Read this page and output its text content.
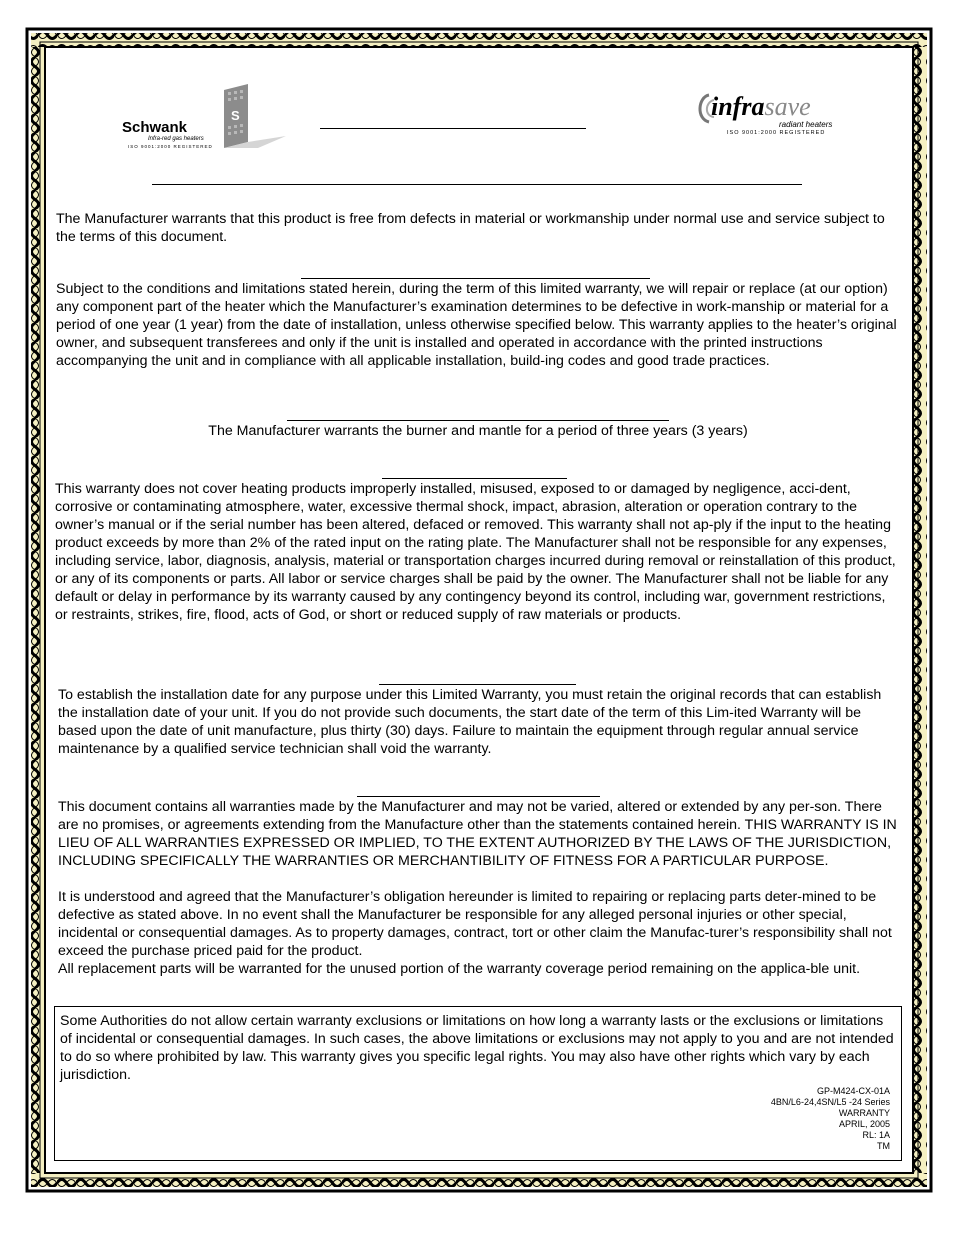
S
Schwank
Infra-red gas heaters
ISO 9001:2000 REGISTERED
infrasave
radiant heaters
ISO 9001:2000 REGISTERED

The Manufacturer warrants that this product is free from defects in material or workmanship under normal use and service subject to the terms of this document.

Subject to the conditions and limitations stated herein, during the term of this limited warranty, we will repair or replace (at our option) any component part of the heater which the Manufacturer’s examination determines to be defective in work-manship or material for a period of one year (1 year) from the date of installation, unless otherwise specified below. This warranty applies to the heater’s original owner, and subsequent transferees and only if the unit is installed and operated in accordance with the printed instructions accompanying the unit and in compliance with all applicable installation, build-ing codes and good trade practices.

The Manufacturer warrants the burner and mantle for a period of three years (3 years)

This warranty does not cover heating products improperly installed, misused, exposed to or damaged by negligence, acci-dent, corrosive or contaminating atmosphere, water, excessive thermal shock, impact, abrasion, alteration or operation contrary to the owner’s manual or if the serial number has been altered, defaced or removed. This warranty shall not ap-ply if the input to the heating product exceeds by more than 2% of the rated input on the rating plate. The Manufacturer shall not be responsible for any expenses, including service, labor, diagnosis, analysis, material or transportation charges incurred during removal or reinstallation of this product, or any of its components or parts. All labor or service charges shall be paid by the owner. The Manufacturer shall not be liable for any default or delay in performance by its warranty caused by any contingency beyond its control, including war, government restrictions, or restraints, strikes, fire, flood, acts of God, or short or reduced supply of raw materials or products.

To establish the installation date for any purpose under this Limited Warranty, you must retain the original records that can establish the installation date of your unit. If you do not provide such documents, the start date of the term of this Lim-ited Warranty will be based upon the date of unit manufacture, plus thirty (30) days. Failure to maintain the equipment through regular annual service maintenance by a qualified service technician shall void the warranty.

This document contains all warranties made by the Manufacturer and may not be varied, altered or extended by any per-son. There are no promises, or agreements extending from the Manufacture other than the statements contained herein. THIS WARRANTY IS IN LIEU OF ALL WARRANTIES EXPRESSED OR IMPLIED, TO THE EXTENT AUTHORIZED BY THE LAWS OF THE JURISDICTION, INCLUDING SPECIFICALLY THE WARRANTIES OR MERCHANTIBILITY OF FITNESS FOR A PARTICULAR PURPOSE.

It is understood and agreed that the Manufacturer’s obligation hereunder is limited to repairing or replacing parts deter-mined to be defective as stated above. In no event shall the Manufacturer be responsible for any alleged personal injuries or other special, incidental or consequential damages. As to property damages, contract, tort or other claim the Manufac-turer’s responsibility shall not exceed the purchase priced paid for the product.

All replacement parts will be warranted for the unused portion of the warranty coverage period remaining on the applica-ble unit.

Some Authorities do not allow certain warranty exclusions or limitations on how long a warranty lasts or the exclusions or limitations of incidental or consequential damages. In such cases, the above limitations or exclusions may not apply to you and are not intended to do so where prohibited by law. This warranty gives you specific legal rights. You may also have other rights which vary by each jurisdiction.

GP-M424-CX-01A
4BN/L6-24,4SN/L5 -24 Series
WARRANTY
APRIL, 2005
RL: 1A
TM
